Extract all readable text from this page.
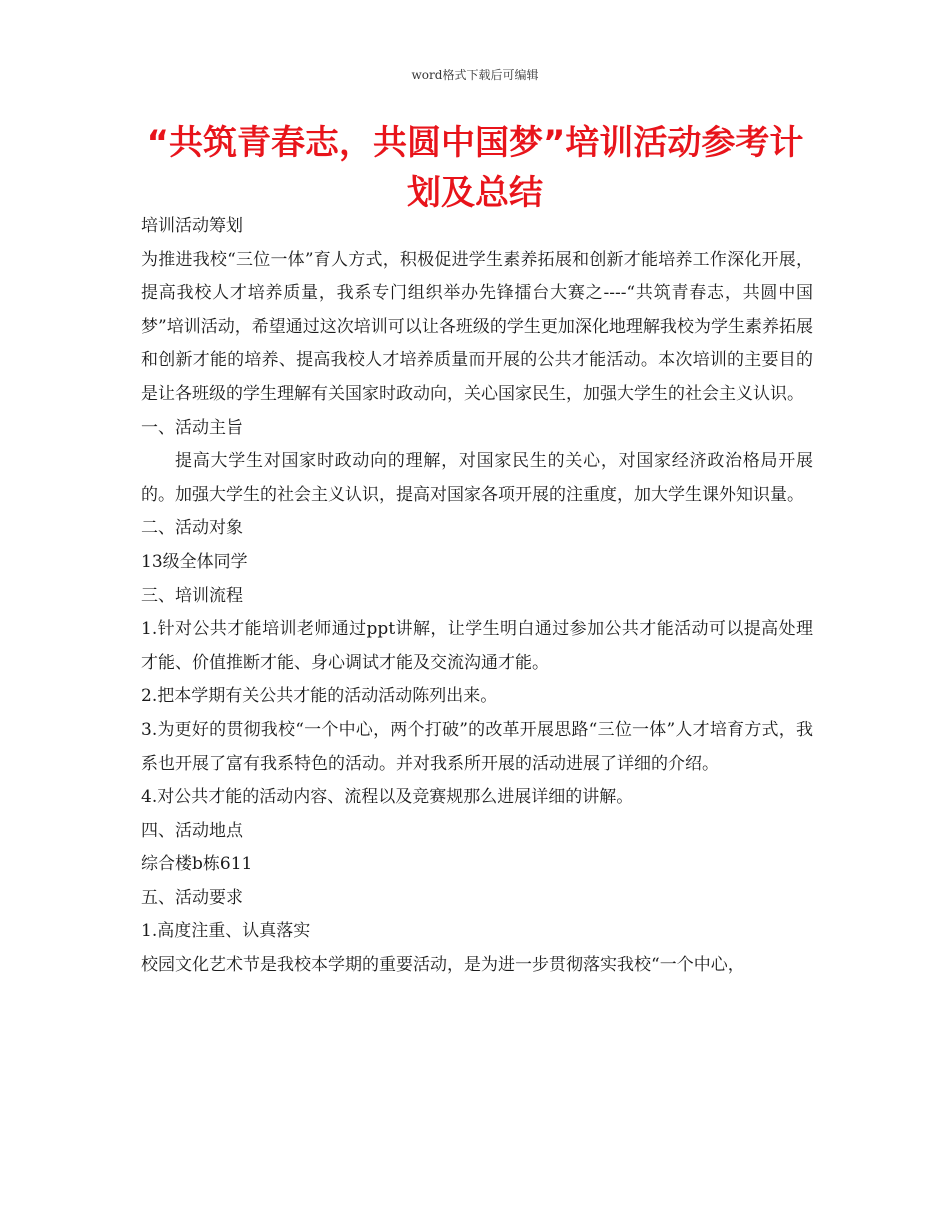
word格式下载后可编辑
“共筑青春志，共圆中国梦”培训活动参考计划及总结

培训活动筹划

为推进我校“三位一体”育人方式，积极促进学生素养拓展和创新才能培养工作深化开展，提高我校人才培养质量，我系专门组织举办先锋擂台大赛之----“共筑青春志，共圆中国梦”培训活动，希望通过这次培训可以让各班级的学生更加深化地理解我校为学生素养拓展和创新才能的培养、提高我校人才培养质量而开展的公共才能活动。本次培训的主要目的是让各班级的学生理解有关国家时政动向，关心国家民生，加强大学生的社会主义认识。

一、活动主旨

提高大学生对国家时政动向的理解，对国家民生的关心，对国家经济政治格局开展的。加强大学生的社会主义认识，提高对国家各项开展的注重度，加大学生课外知识量。

二、活动对象

13级全体同学

三、培训流程

1.针对公共才能培训老师通过ppt讲解，让学生明白通过参加公共才能活动可以提高处理才能、价值推断才能、身心调试才能及交流沟通才能。

2.把本学期有关公共才能的活动活动陈列出来。

3.为更好的贯彻我校“一个中心，两个打破”的改革开展思路“三位一体”人才培育方式，我系也开展了富有我系特色的活动。并对我系所开展的活动进展了详细的介绍。

4.对公共才能的活动内容、流程以及竞赛规那么进展详细的讲解。

四、活动地点

综合楼b栋611

五、活动要求

1.高度注重、认真落实

校园文化艺术节是我校本学期的重要活动，是为进一步贯彻落实我校“一个中心，
